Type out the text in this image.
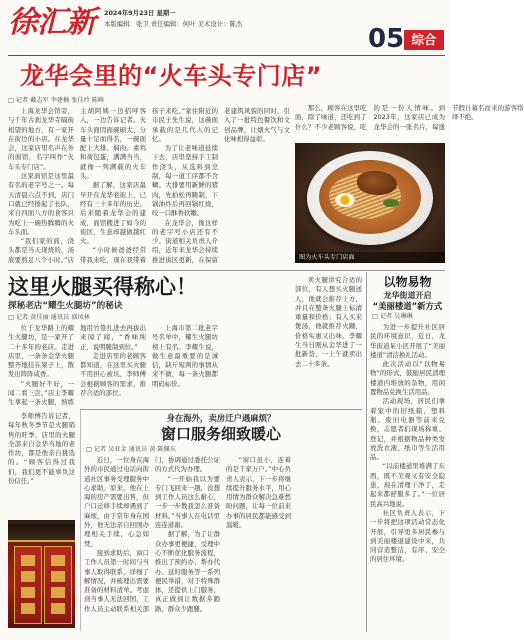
徐汇新 2024年9月23日 星期一
本版编辑：张卫 责任编辑：何叶 美术设计：陈杰	05 综合
龙华会里的“火车头专门店”
□ 记者 戴志军 李建楠 张佳玲 陈峰

上海龙华会馆旁，与千年古刹龙华寺隔街相望的地方，有一家开在街边的小店。在龙华会，这家店里名声在外的面馆，名字叫作“火车头专门店”。

这家面馆是这里最有名的老字号之一。每天清晨六点不到，店门口就已经排起了长队，来自四面八方的食客只为吃上一碗热腾腾的火车头面。

“我们家的面，浇头都是当天现烧的，汤底要熬足八个小时。”店主胡阿姨一边招呼客人，一边告诉记者。火车头面因面碗硕大、分量十足而得名，一碗面配上大排、焖肉、素鸡和荷包蛋，满满当当，就像一列满载的火车头。

据了解，这家店最早开在龙华老街上，已经有三十多年的历史。后来随着龙华会的建成，面馆搬进了如今的街区，生意却越做越红火。

“小时候爸爸经常带我来吃，现在我带着孩子来吃。”家住附近的市民王先生说，这碗面承载的是几代人的记忆。

为了让老味道延续下去，店里坚持手工制作浇头，从选料到烹制，每一道工序都不含糊。大排要用新鲜的猪肉，先拍松再腌制，下锅油炸后再回锅红烧，咬一口酥香软嫩。

在龙华会，像这样的老字号小店还有不少。街道相关负责人介绍，近年来龙华会持续推进街区更新，在保留老建筑风貌的同时，引入了一批特色餐饮和文创品牌，让烟火气与文化味相得益彰。

那么，顾客在这里吃面，除了味道，还吃到了什么？不少老顾客说，吃的是一份人情味。到2023年，这家店已成为龙华会的一张名片，每逢节假日慕名而来的游客络绎不绝。

图为火车头专门店面
这里火腿买得称心！
探秘老店“耀生火腿坊”的秘诀
□ 记者 黄佳丽 通讯员 盛凤林

位于龙华路上的耀生火腿坊，是一家开了二十多年的老店。走进店里，一条条金华火腿整齐地挂在架子上，散发出阵阵咸香。

“火腿好不好，一闻二看三尝。”店主李耀生拿起一条火腿，熟练地用竹签扎进去再拔出来闻了闻，“香味纯正，说明腌制到位。”

走进店里的老顾客都知道，在这里买火腿不用担心被坑，李师傅会根据顾客的需求，推荐合适的部位。

上海市第二批老字号名单中，耀生火腿坊榜上有名。李耀生说，做生意最重要的是诚信，缺斤短两的事情从来不做，每一条火腿都明码标价。

卖火腿讲究合适的部位，有人想买火腿送人，他就会推荐上方，并且在整条火腿上标清重量和价格；有人买来煲汤，他就推荐火踵，价格实惠又出味。李耀生当日刚从金华进了一批新货，一上午就卖出去二十多条。

李师傅告诉记者，每年秋冬季节是火腿销售的旺季，店里的火腿全部来自金华当地的老作坊，都是他亲自挑选的。“顾客信得过我们，我们更不能辜负这份信任。”

身在海外，卖房迁户遇麻烦？
窗口服务细致暖心
□ 记者 吴亚金 通讯员 黄 陈佩东

近日，一位身在海外的市民通过电话向街道社区事务受理服务中心求助。原来，他在上海的房产需要出售，但户口迁移手续却遇到了麻烦，由于常年身在国外，他无法亲自回国办理相关手续，心急如焚。

接到求助后，窗口工作人员第一时间与当事人取得联系，详细了解情况，并梳理出需要准备的材料清单。考虑到当事人无法回国，工作人员主动联系相关部门，协调通过委托公证的方式代为办理。

“一开始我以为要专门飞回来一趟，没想到工作人员这么耐心，一步一步教我怎么准备材料。”当事人在电话里连连道谢。

据了解，为了让群众办事更便捷，受理中心不断优化服务流程，推出了预约办、帮办代办、延时服务等一系列便民举措，对于特殊群体，还提供上门服务，真正做到让数据多跑路、群众少跑腿。

“窗口虽小，连着的是千家万户。”中心负责人表示，下一步将继续提升服务水平，用心用情为群众解决急难愁盼问题，让每一位前来办事的居民都能感受到温暖。

以物易物
龙华街道开启
“美丽楼道”新方式
□ 记者 吴琳琳

为进一步提升社区居民的环境意识，近日，龙华街道某小区开展了“美丽楼道”清洁换礼活动。

此次活动以“以物易物”的形式，鼓励居民清理楼道内堆放的杂物，用闲置物品兑换生活用品。

活动现场，居民们拿着家中的旧纸箱、塑料瓶、废旧电器等前来兑换，志愿者们现场称重、登记，并根据物品种类发放洗衣液、纸巾等生活用品。

“以前楼道里堆满了东西，既不美观又有安全隐患，现在清理干净了，走起来都舒服多了。”一位居民高兴地说。

社区负责人表示，下一步将把这项活动常态化开展，引导更多居民参与到美丽楼道建设中来，共同营造整洁、有序、安全的居住环境。
